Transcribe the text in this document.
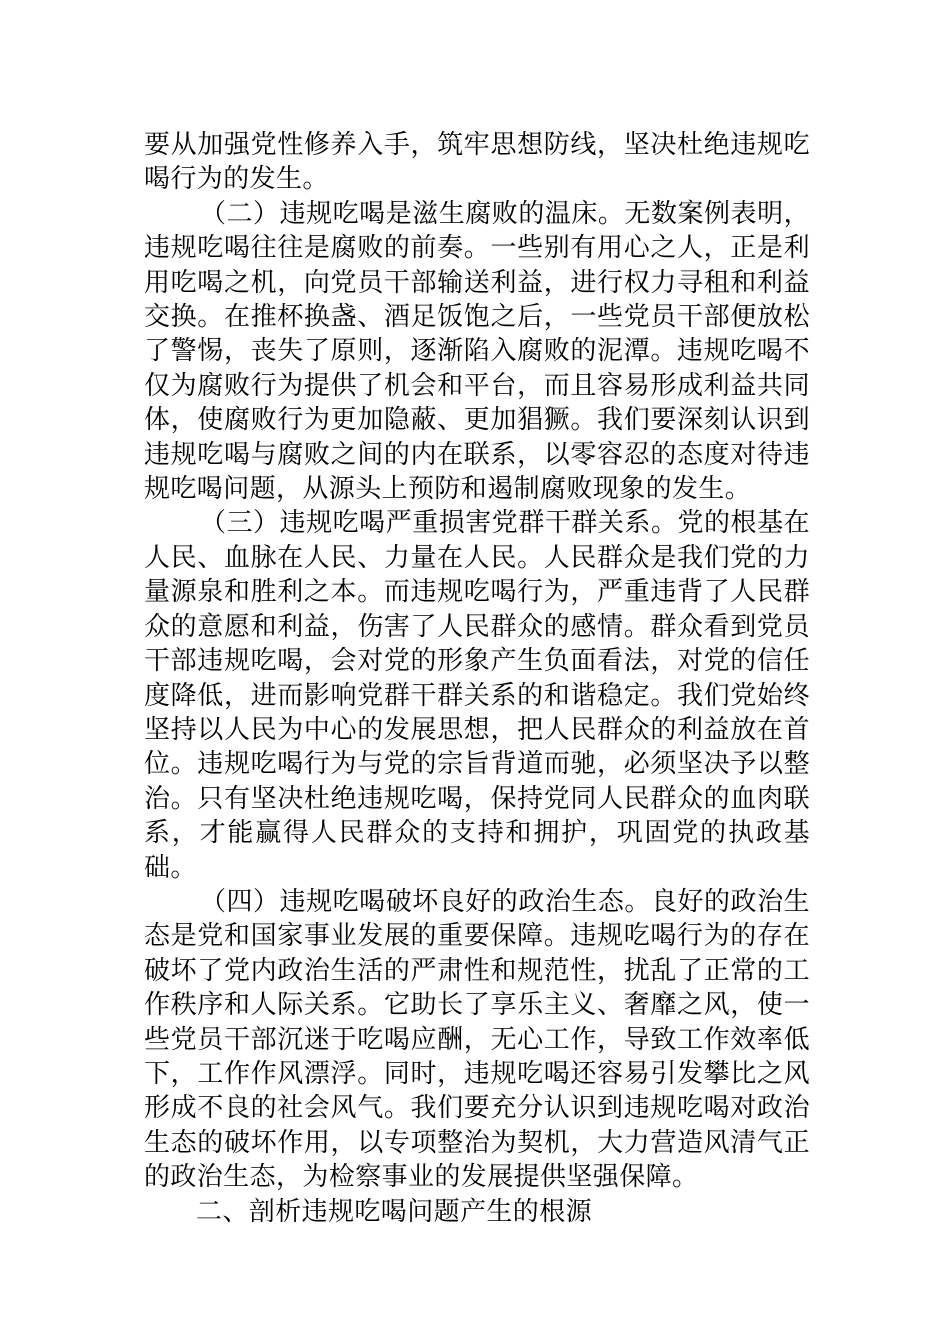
要从加强党性修养入手，筑牢思想防线，坚决杜绝违规吃喝行为的发生。

（二）违规吃喝是滋生腐败的温床。无数案例表明，违规吃喝往往是腐败的前奏。一些别有用心之人，正是利用吃喝之机，向党员干部输送利益，进行权力寻租和利益交换。在推杯换盏、酒足饭饱之后，一些党员干部便放松了警惕，丧失了原则，逐渐陷入腐败的泥潭。违规吃喝不仅为腐败行为提供了机会和平台，而且容易形成利益共同体，使腐败行为更加隐蔽、更加猖獗。我们要深刻认识到违规吃喝与腐败之间的内在联系，以零容忍的态度对待违规吃喝问题，从源头上预防和遏制腐败现象的发生。

（三）违规吃喝严重损害党群干群关系。党的根基在人民、血脉在人民、力量在人民。人民群众是我们党的力量源泉和胜利之本。而违规吃喝行为，严重违背了人民群众的意愿和利益，伤害了人民群众的感情。群众看到党员干部违规吃喝，会对党的形象产生负面看法，对党的信任度降低，进而影响党群干群关系的和谐稳定。我们党始终坚持以人民为中心的发展思想，把人民群众的利益放在首位。违规吃喝行为与党的宗旨背道而驰，必须坚决予以整治。只有坚决杜绝违规吃喝，保持党同人民群众的血肉联系，才能赢得人民群众的支持和拥护，巩固党的执政基础。

（四）违规吃喝破坏良好的政治生态。良好的政治生态是党和国家事业发展的重要保障。违规吃喝行为的存在破坏了党内政治生活的严肃性和规范性，扰乱了正常的工作秩序和人际关系。它助长了享乐主义、奢靡之风，使一些党员干部沉迷于吃喝应酬，无心工作，导致工作效率低下，工作作风漂浮。同时，违规吃喝还容易引发攀比之风形成不良的社会风气。我们要充分认识到违规吃喝对政治生态的破坏作用，以专项整治为契机，大力营造风清气正的政治生态，为检察事业的发展提供坚强保障。

二、剖析违规吃喝问题产生的根源
